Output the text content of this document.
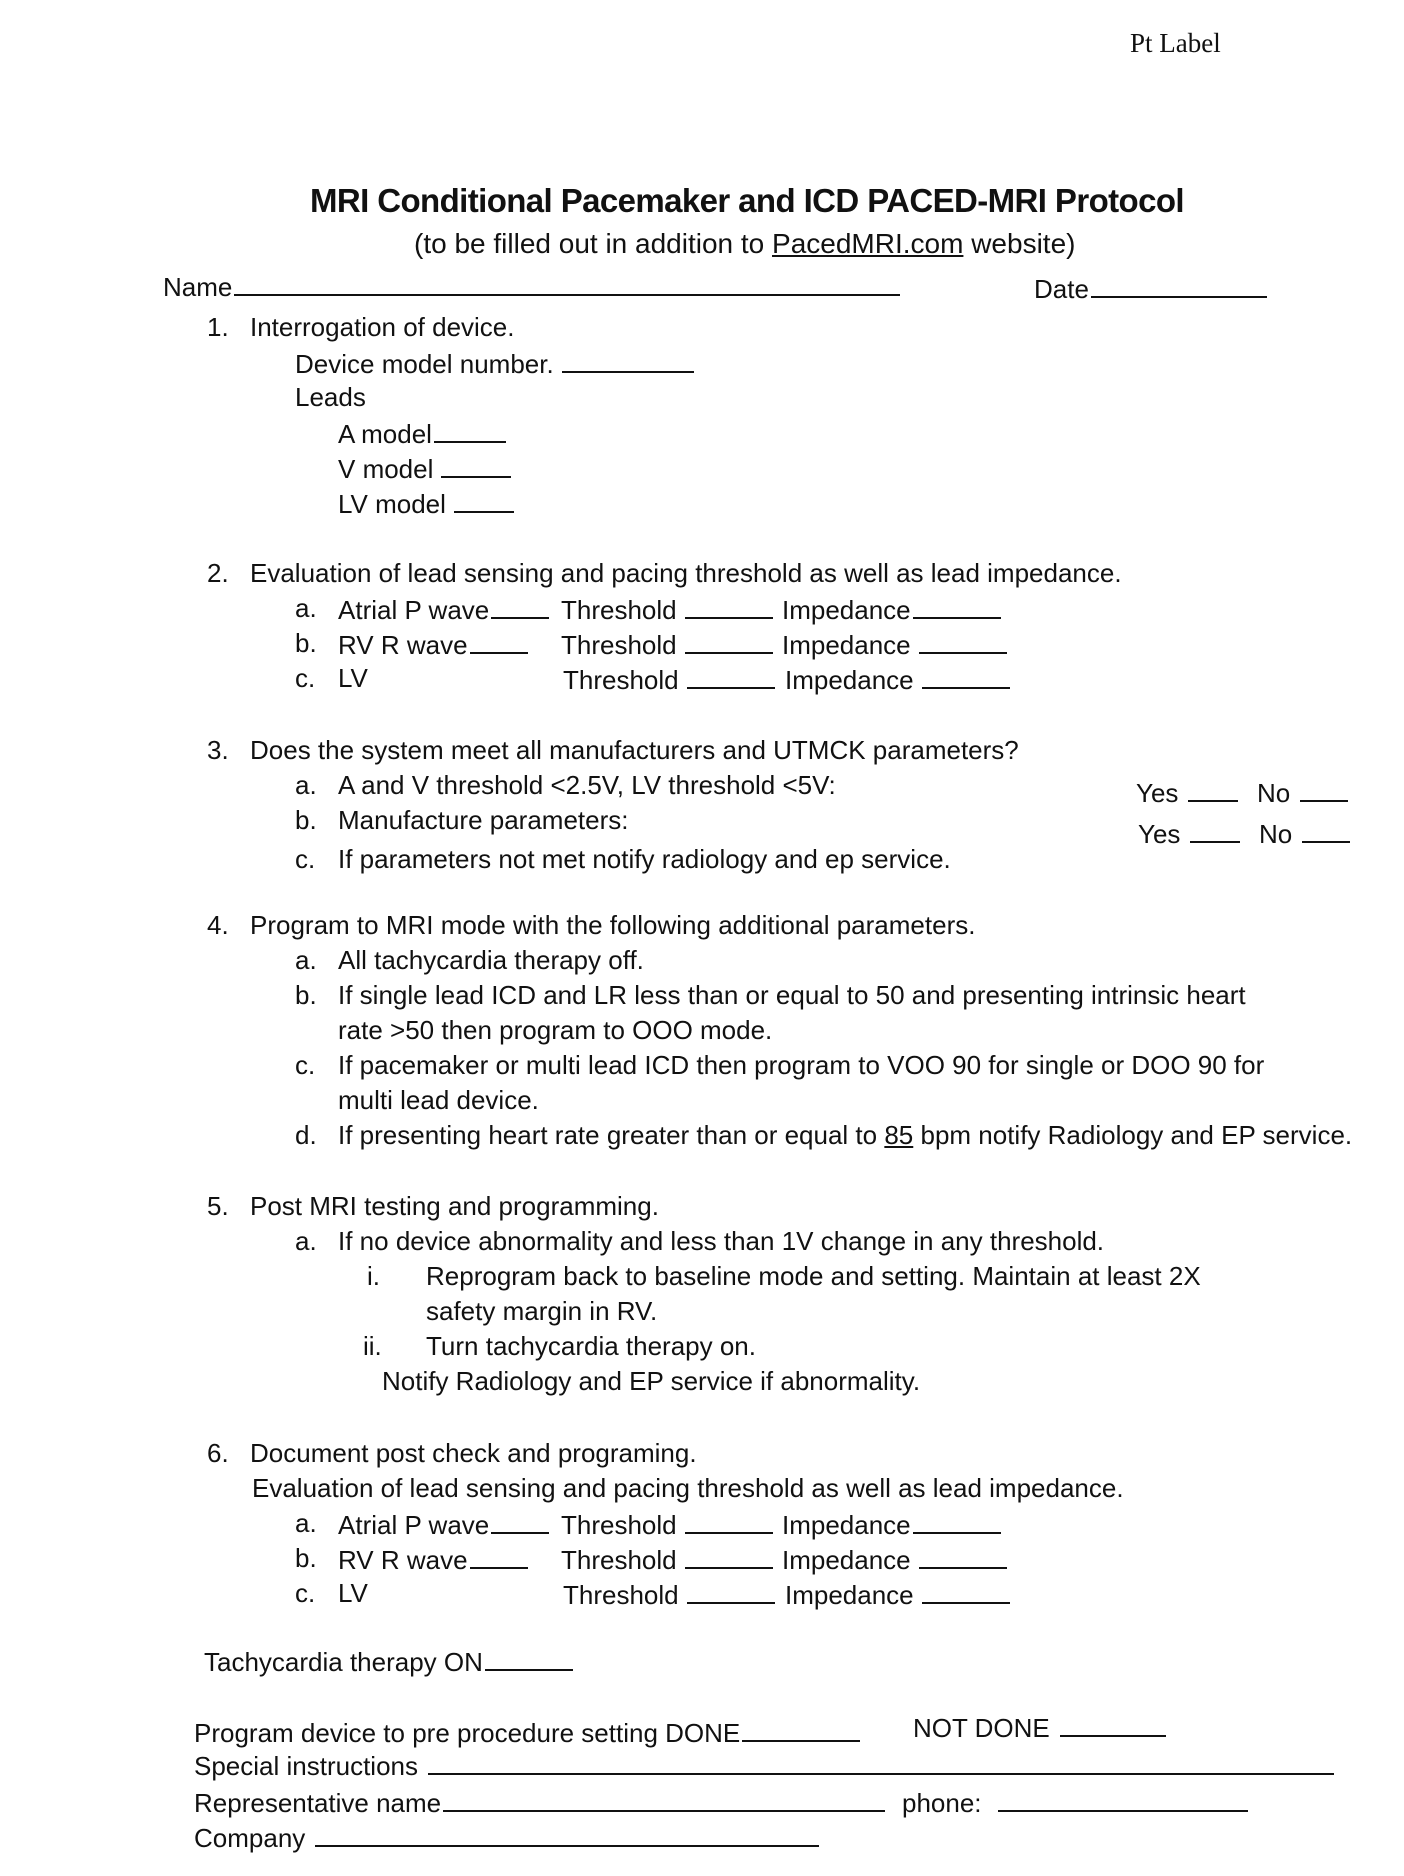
Pt Label
MRI Conditional Pacemaker and ICD PACED-MRI Protocol
(to be filled out in addition to PacedMRI.com website)
Name	Date
1. Interrogation of device.
Device model number.
Leads
A model
V model
LV model
2. Evaluation of lead sensing and pacing threshold as well as lead impedance.
a. Atrial P wave	Threshold	Impedance
b. RV R wave	Threshold	Impedance
c. LV	Threshold	Impedance
3. Does the system meet all manufacturers and UTMCK parameters?
a. A and V threshold <2.5V, LV threshold <5V:
b. Manufacture parameters:
c. If parameters not met notify radiology and ep service.
Yes	No
Yes	No
4. Program to MRI mode with the following additional parameters.
a. All tachycardia therapy off.
b. If single lead ICD and LR less than or equal to 50 and presenting intrinsic heart
rate >50 then program to OOO mode.
c. If pacemaker or multi lead ICD then program to VOO 90 for single or DOO 90 for
multi lead device.
d. If presenting heart rate greater than or equal to 85 bpm notify Radiology and EP service.
5. Post MRI testing and programming.
a. If no device abnormality and less than 1V change in any threshold.
i. Reprogram back to baseline mode and setting. Maintain at least 2X
safety margin in RV.
ii. Turn tachycardia therapy on.
Notify Radiology and EP service if abnormality.
6. Document post check and programing.
Evaluation of lead sensing and pacing threshold as well as lead impedance.
a. Atrial P wave	Threshold	Impedance
b. RV R wave	Threshold	Impedance
c. LV	Threshold	Impedance
Tachycardia therapy ON
Program device to pre procedure setting DONE	NOT DONE
Special instructions
Representative name	phone:
Company
